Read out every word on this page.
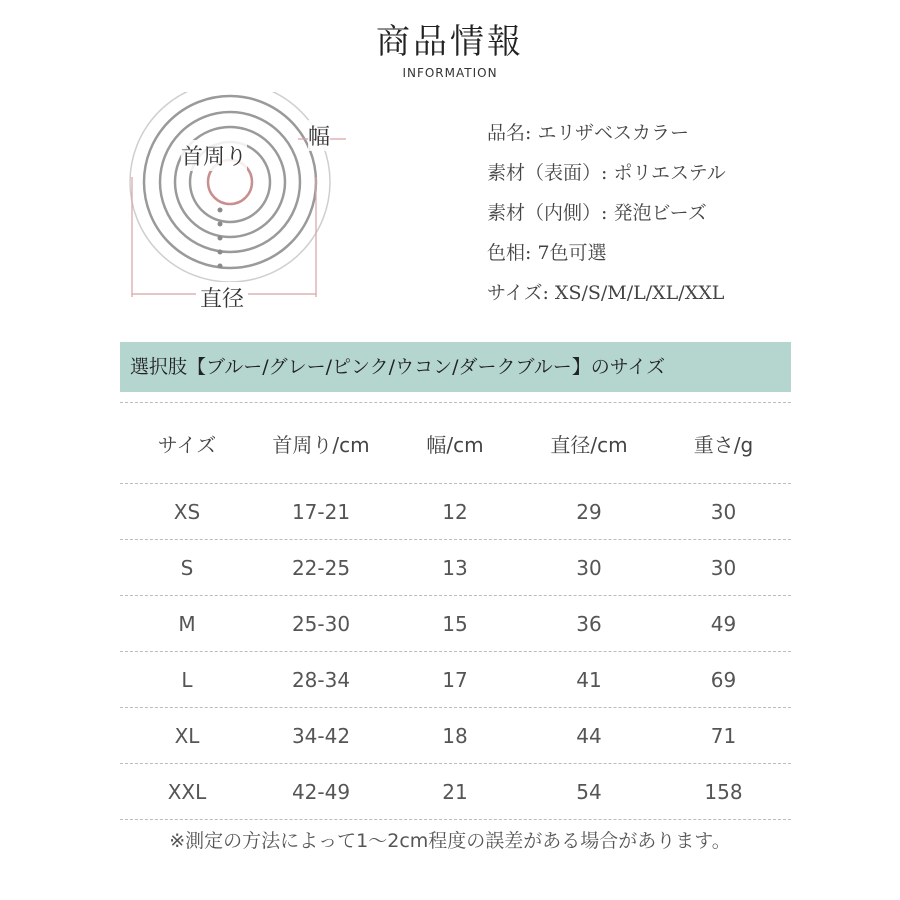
商品情報
INFORMATION
首周り
幅
直径
品名: エリザベスカラー
素材（表面）: ポリエステル
素材（内側）: 発泡ビーズ
色相: 7色可選
サイズ: XS/S/M/L/XL/XXL
選択肢【ブルー/グレー/ピンク/ウコン/ダークブルー】のサイズ
サイズ	首周り/cm	幅/cm	直径/cm	重さ/g
XS	17-21	12	29	30
S	22-25	13	30	30
M	25-30	15	36	49
L	28-34	17	41	69
XL	34-42	18	44	71
XXL	42-49	21	54	158
※測定の方法によって1〜2cm程度の誤差がある場合があります。
